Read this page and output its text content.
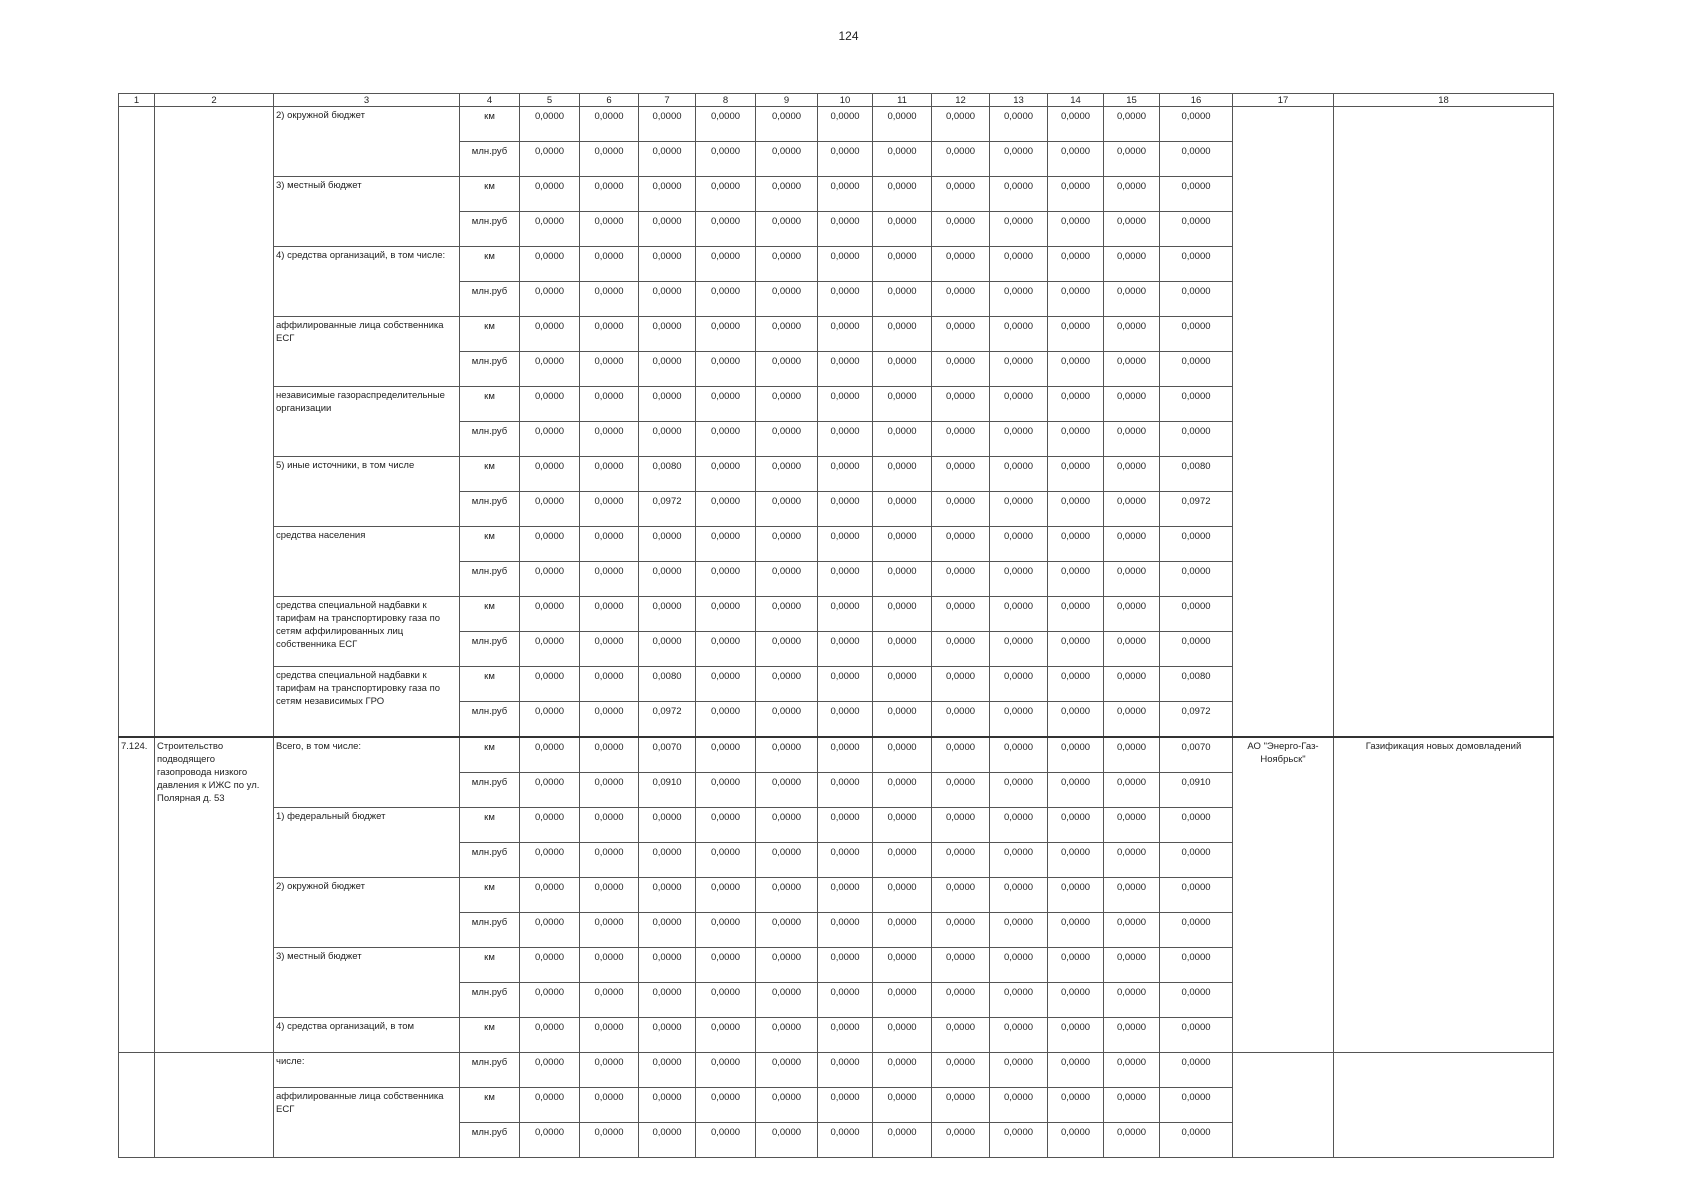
124
1	2	3	4	5	6	7	8	9	10	11	12	13	14	15	16	17	18
		2) окружной бюджет	км	0,0000	0,0000	0,0000	0,0000	0,0000	0,0000	0,0000	0,0000	0,0000	0,0000	0,0000	0,0000		
			млн.руб	0,0000	0,0000	0,0000	0,0000	0,0000	0,0000	0,0000	0,0000	0,0000	0,0000	0,0000	0,0000		
		3) местный бюджет	км	0,0000	0,0000	0,0000	0,0000	0,0000	0,0000	0,0000	0,0000	0,0000	0,0000	0,0000	0,0000		
			млн.руб	0,0000	0,0000	0,0000	0,0000	0,0000	0,0000	0,0000	0,0000	0,0000	0,0000	0,0000	0,0000		
		4) средства организаций, в том числе:	км	0,0000	0,0000	0,0000	0,0000	0,0000	0,0000	0,0000	0,0000	0,0000	0,0000	0,0000	0,0000		
			млн.руб	0,0000	0,0000	0,0000	0,0000	0,0000	0,0000	0,0000	0,0000	0,0000	0,0000	0,0000	0,0000		
		аффилированные лица собственника ЕСГ	км	0,0000	0,0000	0,0000	0,0000	0,0000	0,0000	0,0000	0,0000	0,0000	0,0000	0,0000	0,0000		
			млн.руб	0,0000	0,0000	0,0000	0,0000	0,0000	0,0000	0,0000	0,0000	0,0000	0,0000	0,0000	0,0000		
		независимые газораспределительные организации	км	0,0000	0,0000	0,0000	0,0000	0,0000	0,0000	0,0000	0,0000	0,0000	0,0000	0,0000	0,0000		
			млн.руб	0,0000	0,0000	0,0000	0,0000	0,0000	0,0000	0,0000	0,0000	0,0000	0,0000	0,0000	0,0000		
		5) иные источники, в том числе	км	0,0000	0,0000	0,0080	0,0000	0,0000	0,0000	0,0000	0,0000	0,0000	0,0000	0,0000	0,0080		
			млн.руб	0,0000	0,0000	0,0972	0,0000	0,0000	0,0000	0,0000	0,0000	0,0000	0,0000	0,0000	0,0972		
		средства населения	км	0,0000	0,0000	0,0000	0,0000	0,0000	0,0000	0,0000	0,0000	0,0000	0,0000	0,0000	0,0000		
			млн.руб	0,0000	0,0000	0,0000	0,0000	0,0000	0,0000	0,0000	0,0000	0,0000	0,0000	0,0000	0,0000		
		средства специальной надбавки к тарифам на транспортировку газа по сетям аффилированных лиц собственника ЕСГ	км	0,0000	0,0000	0,0000	0,0000	0,0000	0,0000	0,0000	0,0000	0,0000	0,0000	0,0000	0,0000		
			млн.руб	0,0000	0,0000	0,0000	0,0000	0,0000	0,0000	0,0000	0,0000	0,0000	0,0000	0,0000	0,0000		
		средства специальной надбавки к тарифам на транспортировку газа по сетям независимых ГРО	км	0,0000	0,0000	0,0080	0,0000	0,0000	0,0000	0,0000	0,0000	0,0000	0,0000	0,0000	0,0080		
			млн.руб	0,0000	0,0000	0,0972	0,0000	0,0000	0,0000	0,0000	0,0000	0,0000	0,0000	0,0000	0,0972		
7.124.	Строительство подводящего газопровода низкого давления к ИЖС по ул. Полярная д. 53	Всего, в том числе:	км	0,0000	0,0000	0,0070	0,0000	0,0000	0,0000	0,0000	0,0000	0,0000	0,0000	0,0000	0,0070	АО "Энерго-Газ-Ноябрьск"	Газификация новых домовладений
			млн.руб	0,0000	0,0000	0,0910	0,0000	0,0000	0,0000	0,0000	0,0000	0,0000	0,0000	0,0000	0,0910		
		1) федеральный бюджет	км	0,0000	0,0000	0,0000	0,0000	0,0000	0,0000	0,0000	0,0000	0,0000	0,0000	0,0000	0,0000		
			млн.руб	0,0000	0,0000	0,0000	0,0000	0,0000	0,0000	0,0000	0,0000	0,0000	0,0000	0,0000	0,0000		
		2) окружной бюджет	км	0,0000	0,0000	0,0000	0,0000	0,0000	0,0000	0,0000	0,0000	0,0000	0,0000	0,0000	0,0000		
			млн.руб	0,0000	0,0000	0,0000	0,0000	0,0000	0,0000	0,0000	0,0000	0,0000	0,0000	0,0000	0,0000		
		3) местный бюджет	км	0,0000	0,0000	0,0000	0,0000	0,0000	0,0000	0,0000	0,0000	0,0000	0,0000	0,0000	0,0000		
			млн.руб	0,0000	0,0000	0,0000	0,0000	0,0000	0,0000	0,0000	0,0000	0,0000	0,0000	0,0000	0,0000		
		4) средства организаций, в том	км	0,0000	0,0000	0,0000	0,0000	0,0000	0,0000	0,0000	0,0000	0,0000	0,0000	0,0000	0,0000		
		числе:	млн.руб	0,0000	0,0000	0,0000	0,0000	0,0000	0,0000	0,0000	0,0000	0,0000	0,0000	0,0000	0,0000		
		аффилированные лица собственника ЕСГ	км	0,0000	0,0000	0,0000	0,0000	0,0000	0,0000	0,0000	0,0000	0,0000	0,0000	0,0000	0,0000		
			млн.руб	0,0000	0,0000	0,0000	0,0000	0,0000	0,0000	0,0000	0,0000	0,0000	0,0000	0,0000	0,0000		
